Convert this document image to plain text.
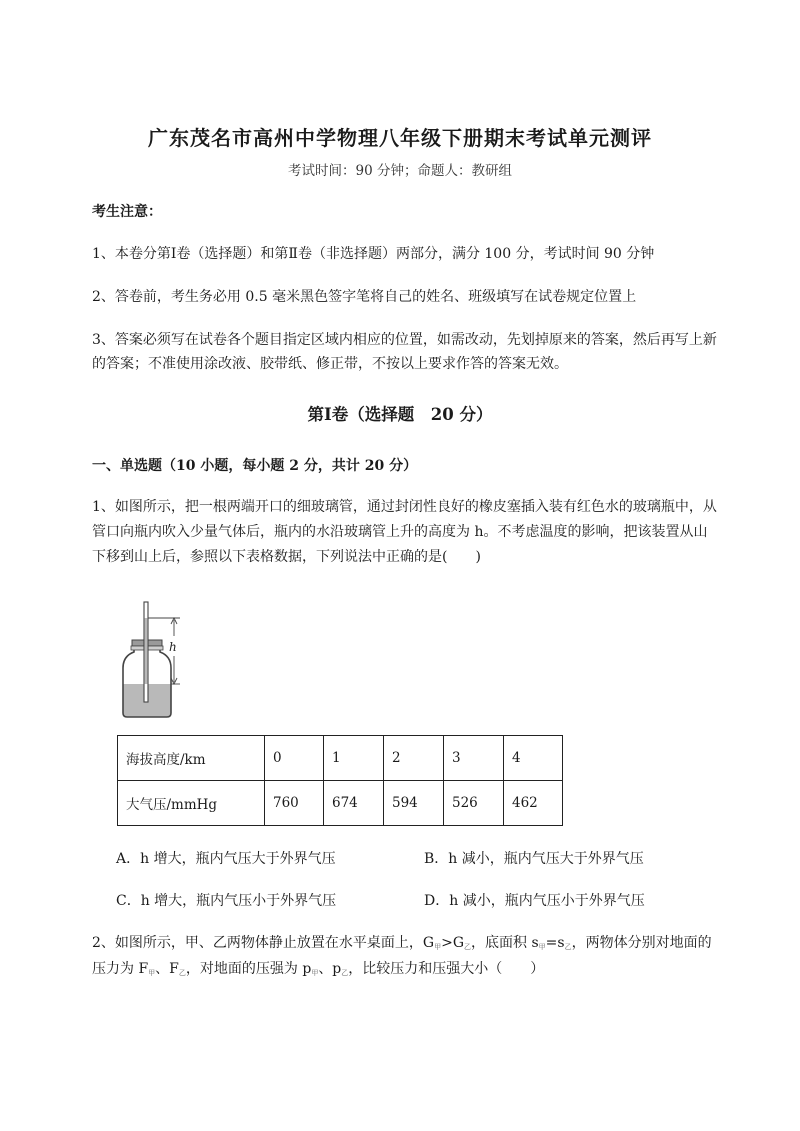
广东茂名市高州中学物理八年级下册期末考试单元测评
考试时间：90 分钟；命题人：教研组
考生注意：
1、本卷分第Ⅰ卷（选择题）和第Ⅱ卷（非选择题）两部分，满分 100 分，考试时间 90 分钟
2、答卷前，考生务必用 0.5 毫米黑色签字笔将自己的姓名、班级填写在试卷规定位置上
3、答案必须写在试卷各个题目指定区域内相应的位置，如需改动，先划掉原来的答案，然后再写上新
的答案；不准使用涂改液、胶带纸、修正带，不按以上要求作答的答案无效。
第Ⅰ卷（选择题　20 分）
一、单选题（10 小题，每小题 2 分，共计 20 分）
1、如图所示，把一根两端开口的细玻璃管，通过封闭性良好的橡皮塞插入装有红色水的玻璃瓶中，从
管口向瓶内吹入少量气体后，瓶内的水沿玻璃管上升的高度为 h。不考虑温度的影响，把该装置从山
下移到山上后，参照以下表格数据，下列说法中正确的是(　　)
h
海拔高度/km	0	1	2	3	4
大气压/mmHg	760	674	594	526	462
A．h 增大，瓶内气压大于外界气压	B．h 减小，瓶内气压大于外界气压
C．h 增大，瓶内气压小于外界气压	D．h 减小，瓶内气压小于外界气压
2、如图所示，甲、乙两物体静止放置在水平桌面上，$G_甲>G_乙$，底面积 $s_甲=s_乙$，两物体分别对地面的
压力为 $F_甲$、$F_乙$，对地面的压强为 $p_甲$、$p_乙$，比较压力和压强大小（　　）
